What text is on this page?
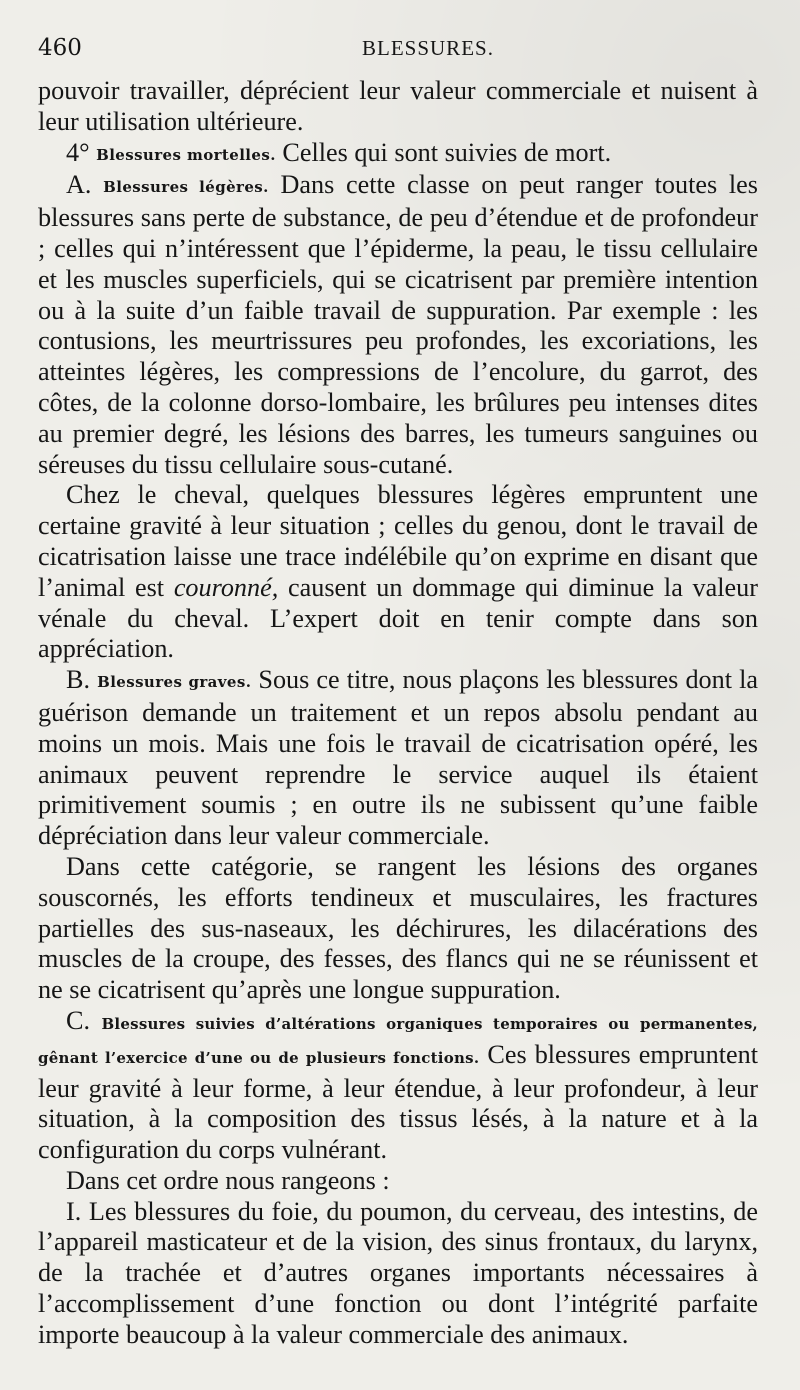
460	BLESSURES.

pouvoir travailler, déprécient leur valeur commerciale et nuisent à leur utilisation ultérieure.

4° Blessures mortelles. Celles qui sont suivies de mort.

A. Blessures légères. Dans cette classe on peut ranger toutes les blessures sans perte de substance, de peu d’étendue et de profondeur ; celles qui n’intéressent que l’épiderme, la peau, le tissu cellulaire et les muscles superficiels, qui se cicatrisent par première intention ou à la suite d’un faible travail de suppuration. Par exemple : les contusions, les meurtrissures peu profondes, les excoriations, les atteintes légères, les compressions de l’encolure, du garrot, des côtes, de la colonne dorso-lombaire, les brûlures peu intenses dites au premier degré, les lésions des barres, les tumeurs sanguines ou séreuses du tissu cellulaire sous-cutané.

Chez le cheval, quelques blessures légères empruntent une certaine gravité à leur situation ; celles du genou, dont le travail de cicatrisation laisse une trace indélébile qu’on exprime en disant que l’animal est couronné, causent un dommage qui diminue la valeur vénale du cheval. L’expert doit en tenir compte dans son appréciation.

B. Blessures graves. Sous ce titre, nous plaçons les blessures dont la guérison demande un traitement et un repos absolu pendant au moins un mois. Mais une fois le travail de cicatrisation opéré, les animaux peuvent reprendre le service auquel ils étaient primitivement soumis ; en outre ils ne subissent qu’une faible dépréciation dans leur valeur commerciale.

Dans cette catégorie, se rangent les lésions des organes souscornés, les efforts tendineux et musculaires, les fractures partielles des sus-naseaux, les déchirures, les dilacérations des muscles de la croupe, des fesses, des flancs qui ne se réunissent et ne se cicatrisent qu’après une longue suppuration.

C. Blessures suivies d’altérations organiques temporaires ou permanentes, gênant l’exercice d’une ou de plusieurs fonctions. Ces blessures empruntent leur gravité à leur forme, à leur étendue, à leur profondeur, à leur situation, à la composition des tissus lésés, à la nature et à la configuration du corps vulnérant.

Dans cet ordre nous rangeons :

I. Les blessures du foie, du poumon, du cerveau, des intestins, de l’appareil masticateur et de la vision, des sinus frontaux, du larynx, de la trachée et d’autres organes importants nécessaires à l’accomplissement d’une fonction ou dont l’intégrité parfaite importe beaucoup à la valeur commerciale des animaux.
